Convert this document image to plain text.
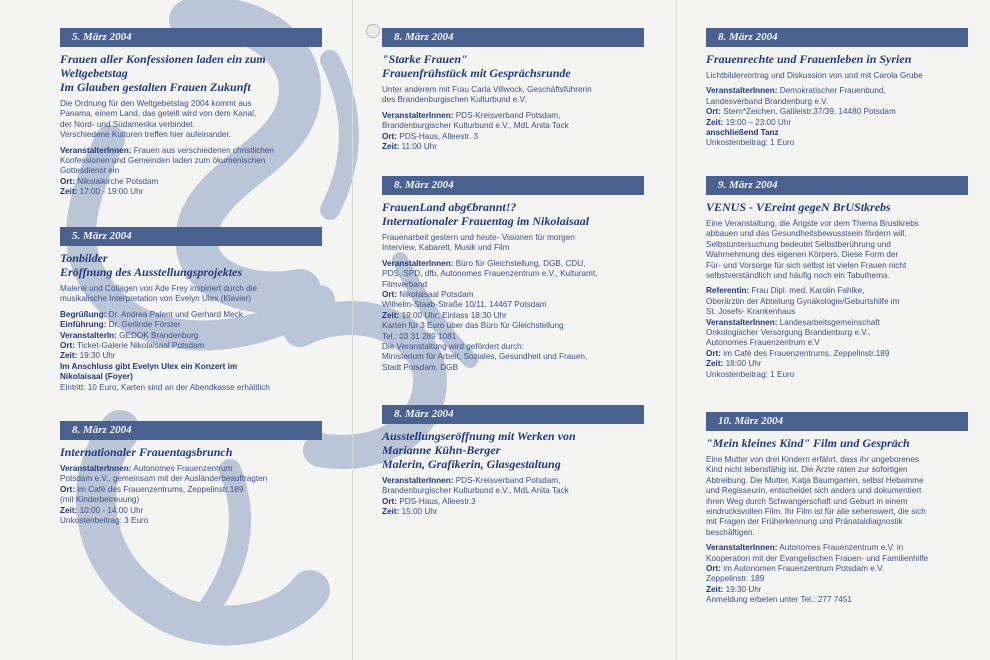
5. März 2004
Frauen aller Konfessionen laden ein zum
Weltgebetstag
Im Glauben gestalten Frauen Zukunft
Die Ordnung für den Weltgebetstag 2004 kommt aus
Panama, einem Land, das geteilt wird von dem Kanal,
der Nord- und Südamerika verbindet.
Verschiedene Kulturen treffen hier aufeinander.
VeranstalterInnen: Frauen aus verschiedenen christlichen
Konfessionen und Gemeinden laden zum ökumenischen
Gottesdienst ein
Ort: Nikolaikirche Potsdam
Zeit: 17:00 - 19:00 Uhr
5. März 2004
Tonbilder
Eröffnung des Ausstellungsprojektes
Malerei und Collagen von Ade Frey inspiriert durch die
musikalische Interpretation von Evelyn Ulex (Klavier)
Begrüßung: Dr. Andrea Palent und Gerhard Meck
Einführung: Dr. Gerlinde Förster
VeranstalterIn: GEDOK Brandenburg
Ort: Ticket-Galerie Nikolaisaal Potsdam
Zeit: 19:30 Uhr
Im Anschluss gibt Evelyn Ulex ein Konzert im
Nikolaisaal (Foyer)
Eintritt: 10 Euro, Karten sind an der Abendkasse erhältlich
8. März 2004
Internationaler Frauentagsbrunch
VeranstalterInnen: Autonomes Frauenzentrum
Potsdam e.V., gemeinsam mit der Ausländerbeauftragten
Ort: im Café des Frauenzentrums, Zeppelinstr.189
(mit Kinderbetreuung)
Zeit: 10:00 - 14:00 Uhr
Unkostenbeitrag: 3 Euro
8. März 2004
"Starke Frauen"
Frauenfrühstück mit Gesprächsrunde
Unter anderem mit Frau Carla Villwock, Geschäftsführerin
des Brandenburgischen Kulturbund e.V.
VeranstalterInnen: PDS-Kreisverband Potsdam,
Brandenburgischer Kulturbund e.V., MdL Anita Tack
Ort: PDS-Haus, Alleestr. 3
Zeit: 11:00 Uhr
8. März 2004
FrauenLand abg€brannt!?
Internationaler Frauentag im Nikolaisaal
Frauenarbeit gestern und heute- Visionen für morgen
Interview, Kabarett, Musik und Film
VeranstalterInnen: Büro für Gleichstellung, DGB, CDU,
PDS, SPD, dfb, Autonomes Frauenzentrum e.V., Kulturamt,
Filmverband
Ort: Nikolaisaal Potsdam
Wilhelm-Staab-Straße 10/11, 14467 Potsdam
Zeit: 19:00 Uhr; Einlass 18:30 Uhr
Karten für 3 Euro über das Büro für Gleichstellung
Tel.: 03 31 289 1081
Die Veranstaltung wird gefördert durch:
Ministerium für Arbeit, Soziales, Gesundheit und Frauen,
Stadt Potsdam, DGB
8. März 2004
Ausstellungseröffnung mit Werken von
Marianne Kühn-Berger
Malerin, Grafikerin, Glasgestaltung
VeranstalterInnen: PDS-Kreisverband Potsdam,
Brandenburgischer Kulturbund e.V., MdL Anita Tack
Ort: PDS-Haus, Alleestr.3
Zeit: 15:00 Uhr
8. März 2004
Frauenrechte und Frauenleben in Syrien
Lichtbildervortrag und Diskussion von und mit Carola Grube
VeranstalterInnen: Demokratischer Frauenbund,
Landesverband Brandenburg e.V.
Ort: Stern*Zeichen, Galileistr.37/39, 14480 Potsdam
Zeit: 19:00 – 23:00 Uhr
anschließend Tanz
Unkostenbeitrag: 1 Euro
9. März 2004
VENUS - VEreint gegeN BrUStkrebs
Eine Veranstaltung, die Ängste vor dem Thema Brustkrebs
abbauen und das Gesundheitsbewusstsein fördern will.
Selbstuntersuchung bedeutet Selbstberührung und
Wahrnehmung des eigenen Körpers. Diese Form der
Für- und Vorsorge für sich selbst ist vielen Frauen nicht
selbstverständlich und häufig noch ein Tabuthema.
Referentin: Frau Dipl. med. Karolin Fahlke,
Oberärztin der Abteilung Gynäkologie/Geburtshilfe im
St. Josefs- Krankenhaus
VeranstalterInnen: Landesarbeitsgemeinschaft
Onkologischer Versorgung Brandenburg e.V.,
Autonomes Frauenzentrum e.V
Ort: im Café des Frauenzentrums, Zeppelinstr.189
Zeit: 18:00 Uhr
Unkostenbeitrag: 1 Euro
10. März 2004
"Mein kleines Kind" Film und Gespräch
Eine Mutter von drei Kindern erfährt, dass ihr ungeborenes
Kind nicht lebensfähig ist. Die Ärzte raten zur sofortigen
Abtreibung. Die Mutter, Katja Baumgarten, selbst Hebamme
und Regisseurin, entscheidet sich anders und dokumentiert
ihren Weg durch Schwangerschaft und Geburt in einem
eindrucksvollen Film. Ihr Film ist für alle sehenswert, die sich
mit Fragen der Früherkennung und Pränataldiagnostik
beschäftigen.
VeranstalterInnen: Autonomes Frauenzentrum e.V. in
Kooperation mit der Evangelischen Frauen- und Familienhilfe
Ort: im Autonomen Frauenzentrum Potsdam e.V.
Zeppelinstr. 189
Zeit: 19:30 Uhr
Anmeldung erbeten unter Tel.: 277 7451
